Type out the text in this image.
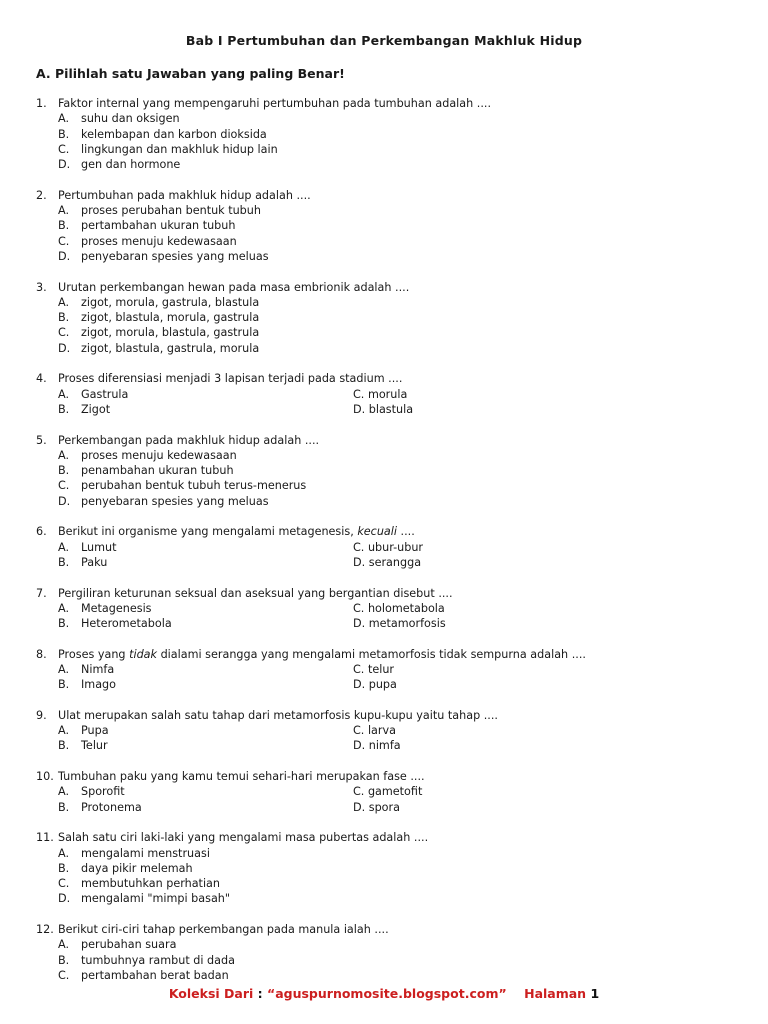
Bab I Pertumbuhan dan Perkembangan Makhluk Hidup
A. Pilihlah satu Jawaban yang paling Benar!
1. Faktor internal yang mempengaruhi pertumbuhan pada tumbuhan adalah ....
A. suhu dan oksigen
B. kelembapan dan karbon dioksida
C. lingkungan dan makhluk hidup lain
D. gen dan hormone
2. Pertumbuhan pada makhluk hidup adalah ....
A. proses perubahan bentuk tubuh
B. pertambahan ukuran tubuh
C. proses menuju kedewasaan
D. penyebaran spesies yang meluas
3. Urutan perkembangan hewan pada masa embrionik adalah ....
A. zigot, morula, gastrula, blastula
B. zigot, blastula, morula, gastrula
C. zigot, morula, blastula, gastrula
D. zigot, blastula, gastrula, morula
4. Proses diferensiasi menjadi 3 lapisan terjadi pada stadium ....
A. Gastrula	C. morula
B. Zigot	D. blastula
5. Perkembangan pada makhluk hidup adalah ....
A. proses menuju kedewasaan
B. penambahan ukuran tubuh
C. perubahan bentuk tubuh terus-menerus
D. penyebaran spesies yang meluas
6. Berikut ini organisme yang mengalami metagenesis, kecuali ....
A. Lumut	C. ubur-ubur
B. Paku	D. serangga
7. Pergiliran keturunan seksual dan aseksual yang bergantian disebut ....
A. Metagenesis	C. holometabola
B. Heterometabola	D. metamorfosis
8. Proses yang tidak dialami serangga yang mengalami metamorfosis tidak sempurna adalah ....
A. Nimfa	C. telur
B. Imago	D. pupa
9. Ulat merupakan salah satu tahap dari metamorfosis kupu-kupu yaitu tahap ....
A. Pupa	C. larva
B. Telur	D. nimfa
10. Tumbuhan paku yang kamu temui sehari-hari merupakan fase ....
A. Sporofit	C. gametofit
B. Protonema	D. spora
11. Salah satu ciri laki-laki yang mengalami masa pubertas adalah ....
A. mengalami menstruasi
B. daya pikir melemah
C. membutuhkan perhatian
D. mengalami "mimpi basah"
12. Berikut ciri-ciri tahap perkembangan pada manula ialah ....
A. perubahan suara
B. tumbuhnya rambut di dada
C. pertambahan berat badan
Koleksi Dari : “aguspurnomosite.blogspot.com” Halaman 1
